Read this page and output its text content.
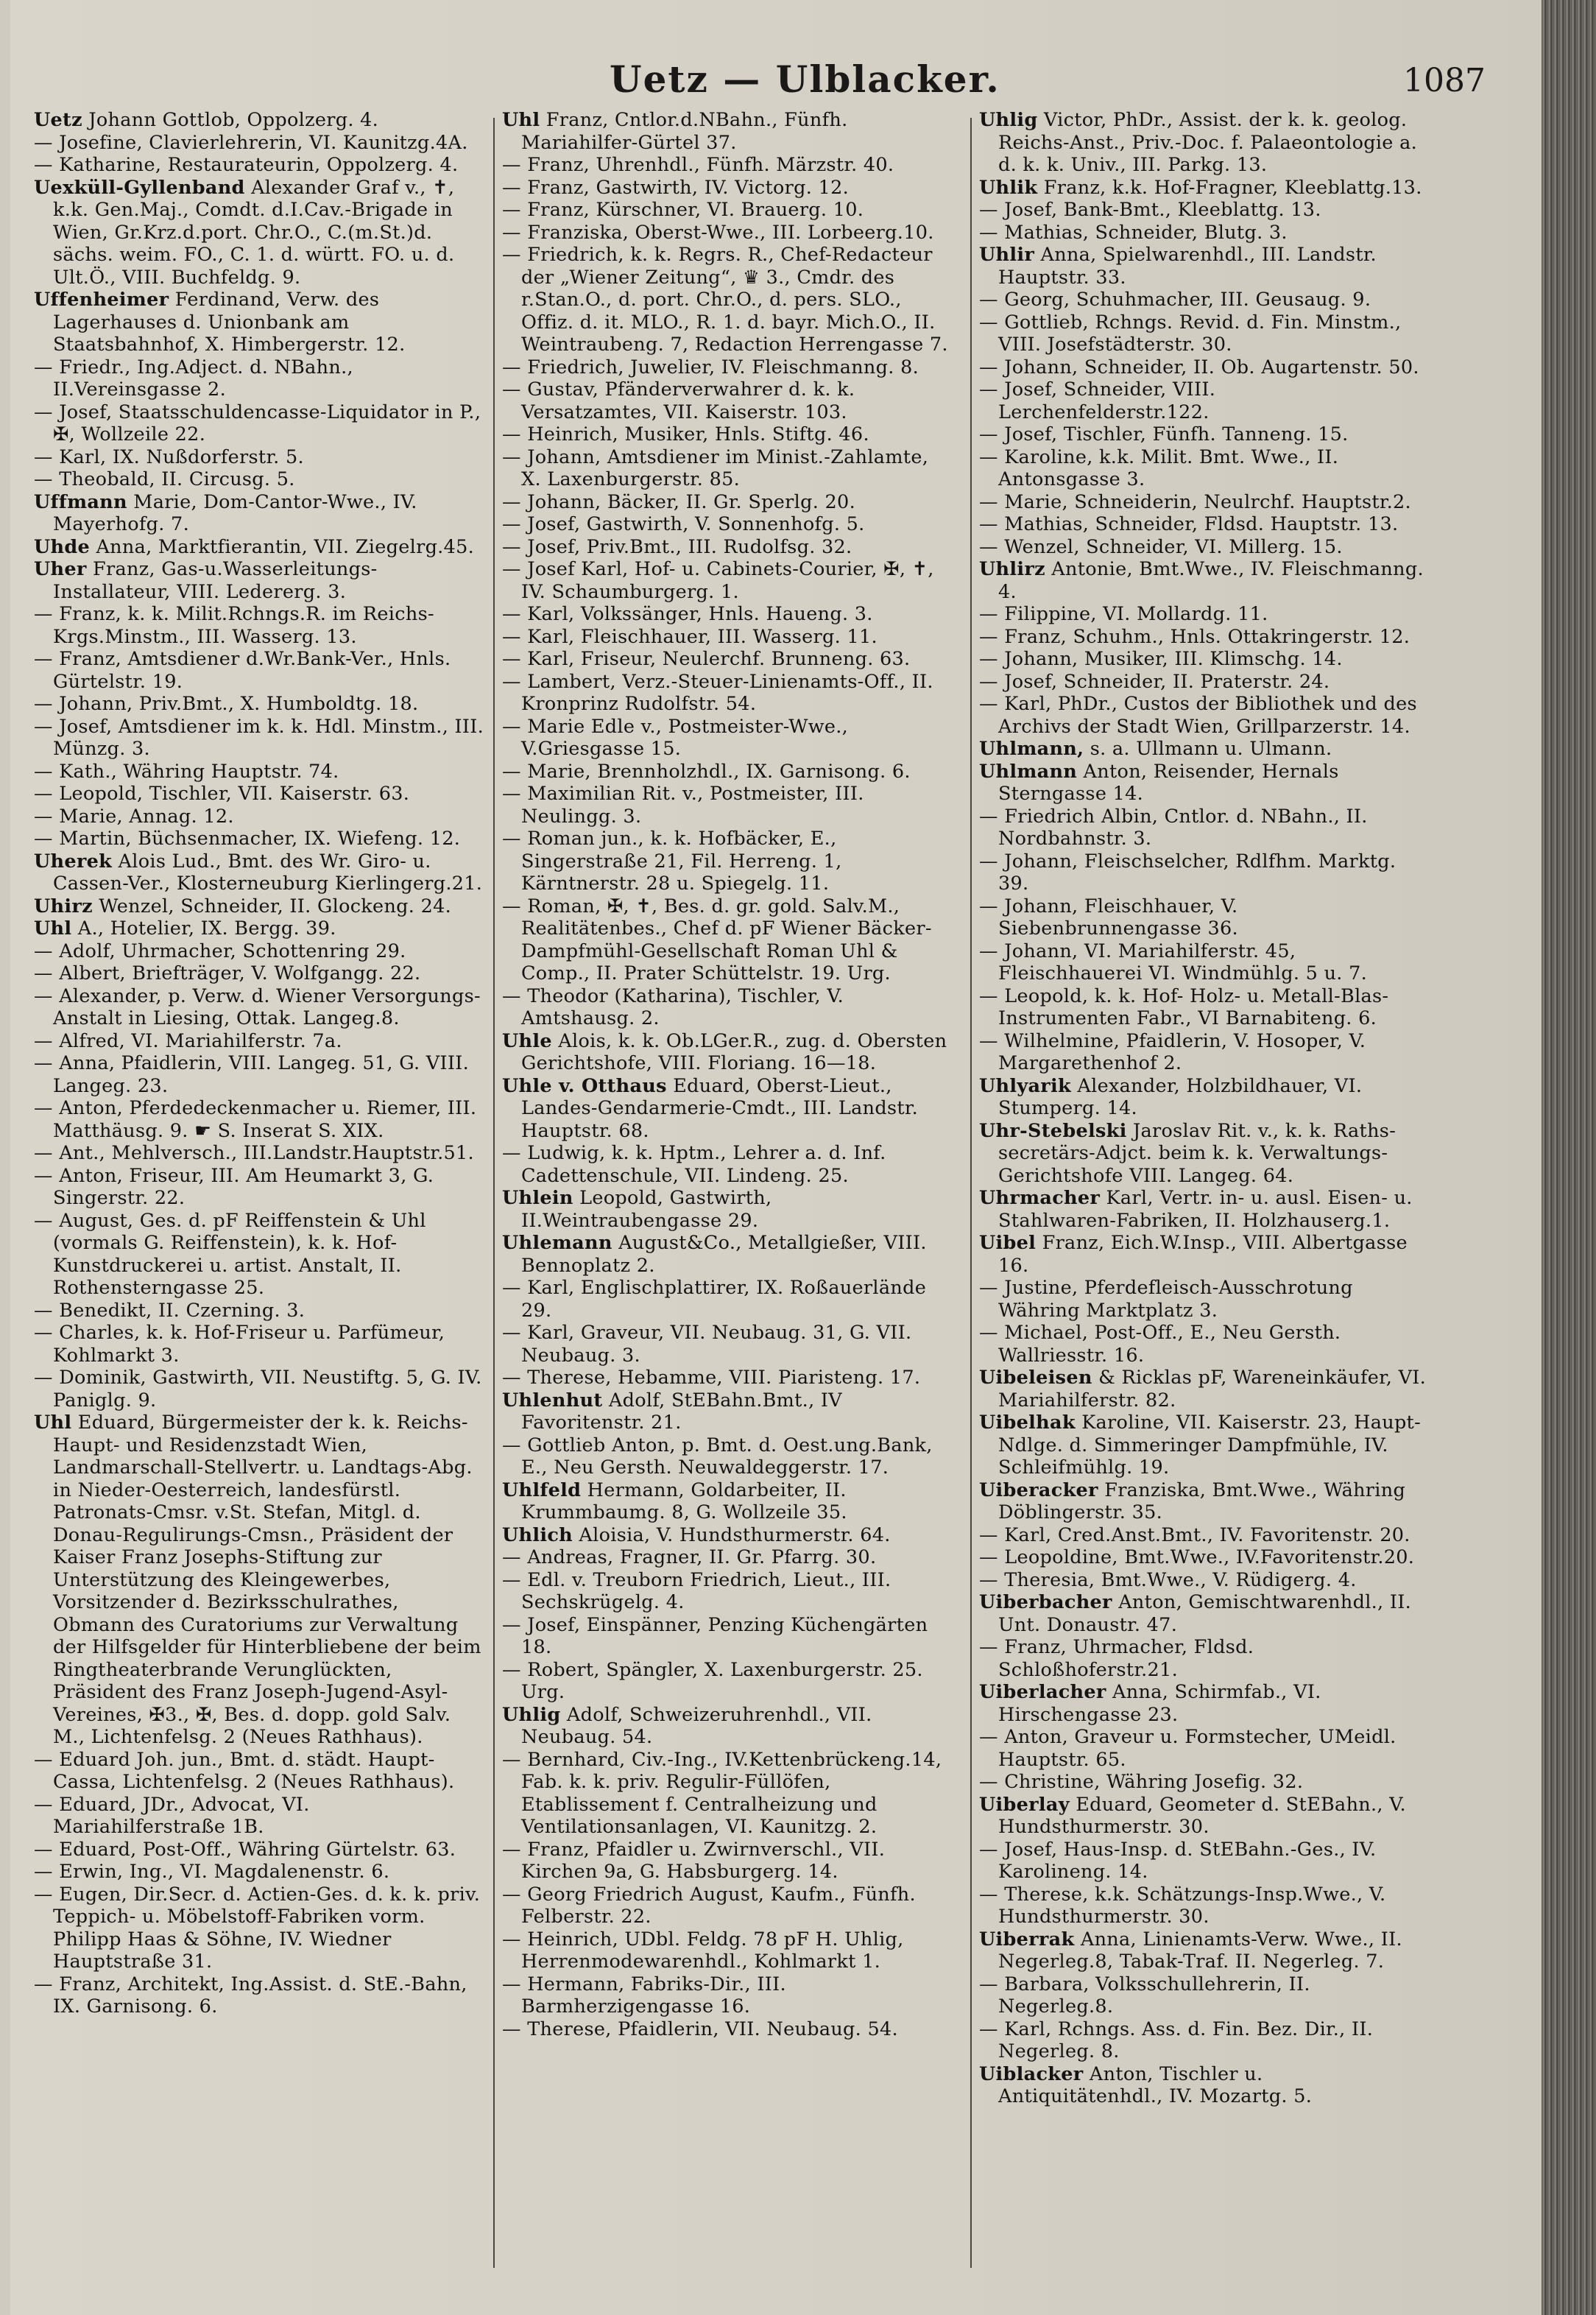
Uetz — Ulblacker.	1087

Uetz Johann Gottlob, Oppolzerg. 4.

— Josefine, Clavierlehrerin, VI. Kaunitzg.4A.

— Katharine, Restaurateurin, Oppolzerg. 4.

Uexküll-Gyllenband Alexander Graf v., ✝, k.k. Gen.Maj., Comdt. d.I.Cav.-Brigade in Wien, Gr.Krz.d.port. Chr.O., C.(m.St.)d. sächs. weim. FO., C. 1. d. württ. FO. u. d. Ult.Ö., VIII. Buchfeldg. 9.

Uffenheimer Ferdinand, Verw. des Lagerhauses d. Unionbank am Staatsbahnhof, X. Himbergerstr. 12.

— Friedr., Ing.Adject. d. NBahn., II.Vereinsgasse 2.

— Josef, Staatsschuldencasse-Liquidator in P., ✠, Wollzeile 22.

— Karl, IX. Nußdorferstr. 5.

— Theobald, II. Circusg. 5.

Uffmann Marie, Dom-Cantor-Wwe., IV. Mayerhofg. 7.

Uhde Anna, Marktfierantin, VII. Ziegelrg.45.

Uher Franz, Gas-u.Wasserleitungs-Installateur, VIII. Ledererg. 3.

— Franz, k. k. Milit.Rchngs.R. im Reichs-Krgs.Minstm., III. Wasserg. 13.

— Franz, Amtsdiener d.Wr.Bank-Ver., Hnls. Gürtelstr. 19.

— Johann, Priv.Bmt., X. Humboldtg. 18.

— Josef, Amtsdiener im k. k. Hdl. Minstm., III. Münzg. 3.

— Kath., Währing Hauptstr. 74.

— Leopold, Tischler, VII. Kaiserstr. 63.

— Marie, Annag. 12.

— Martin, Büchsenmacher, IX. Wiefeng. 12.

Uherek Alois Lud., Bmt. des Wr. Giro- u. Cassen-Ver., Klosterneuburg Kierlingerg.21.

Uhirz Wenzel, Schneider, II. Glockeng. 24.

Uhl A., Hotelier, IX. Bergg. 39.

— Adolf, Uhrmacher, Schottenring 29.

— Albert, Briefträger, V. Wolfgangg. 22.

— Alexander, p. Verw. d. Wiener Versorgungs-Anstalt in Liesing, Ottak. Langeg.8.

— Alfred, VI. Mariahilferstr. 7a.

— Anna, Pfaidlerin, VIII. Langeg. 51, G. VIII. Langeg. 23.

— Anton, Pferdedeckenmacher u. Riemer, III. Matthäusg. 9. ☛ S. Inserat S. XIX.

— Ant., Mehlversch., III.Landstr.Hauptstr.51.

— Anton, Friseur, III. Am Heumarkt 3, G. Singerstr. 22.

— August, Ges. d. pF Reiffenstein & Uhl (vormals G. Reiffenstein), k. k. Hof-Kunstdruckerei u. artist. Anstalt, II. Rothensterngasse 25.

— Benedikt, II. Czerning. 3.

— Charles, k. k. Hof-Friseur u. Parfümeur, Kohlmarkt 3.

— Dominik, Gastwirth, VII. Neustiftg. 5, G. IV. Paniglg. 9.

Uhl Eduard, Bürgermeister der k. k. Reichs-Haupt- und Residenzstadt Wien, Landmarschall-Stellvertr. u. Landtags-Abg. in Nieder-Oesterreich, landesfürstl. Patronats-Cmsr. v.St. Stefan, Mitgl. d. Donau-Regulirungs-Cmsn., Präsident der Kaiser Franz Josephs-Stiftung zur Unterstützung des Kleingewerbes, Vorsitzender d. Bezirksschulrathes, Obmann des Curatoriums zur Verwaltung der Hilfsgelder für Hinterbliebene der beim Ringtheaterbrande Verunglückten, Präsident des Franz Joseph-Jugend-Asyl-Vereines, ✠3., ✠, Bes. d. dopp. gold Salv. M., Lichtenfelsg. 2 (Neues Rathhaus).

— Eduard Joh. jun., Bmt. d. städt. Haupt-Cassa, Lichtenfelsg. 2 (Neues Rathhaus).

— Eduard, JDr., Advocat, VI. Mariahilferstraße 1B.

— Eduard, Post-Off., Währing Gürtelstr. 63.

— Erwin, Ing., VI. Magdalenenstr. 6.

— Eugen, Dir.Secr. d. Actien-Ges. d. k. k. priv. Teppich- u. Möbelstoff-Fabriken vorm. Philipp Haas & Söhne, IV. Wiedner Hauptstraße 31.

— Franz, Architekt, Ing.Assist. d. StE.-Bahn, IX. Garnisong. 6.

Uhl Franz, Cntlor.d.NBahn., Fünfh. Mariahilfer-Gürtel 37.

— Franz, Uhrenhdl., Fünfh. Märzstr. 40.

— Franz, Gastwirth, IV. Victorg. 12.

— Franz, Kürschner, VI. Brauerg. 10.

— Franziska, Oberst-Wwe., III. Lorbeerg.10.

— Friedrich, k. k. Regrs. R., Chef-Redacteur der „Wiener Zeitung“, ♛ 3., Cmdr. des r.Stan.O., d. port. Chr.O., d. pers. SLO., Offiz. d. it. MLO., R. 1. d. bayr. Mich.O., II. Weintraubeng. 7, Redaction Herrengasse 7.

— Friedrich, Juwelier, IV. Fleischmanng. 8.

— Gustav, Pfänderverwahrer d. k. k. Versatzamtes, VII. Kaiserstr. 103.

— Heinrich, Musiker, Hnls. Stiftg. 46.

— Johann, Amtsdiener im Minist.-Zahlamte, X. Laxenburgerstr. 85.

— Johann, Bäcker, II. Gr. Sperlg. 20.

— Josef, Gastwirth, V. Sonnenhofg. 5.

— Josef, Priv.Bmt., III. Rudolfsg. 32.

— Josef Karl, Hof- u. Cabinets-Courier, ✠, ✝, IV. Schaumburgerg. 1.

— Karl, Volkssänger, Hnls. Haueng. 3.

— Karl, Fleischhauer, III. Wasserg. 11.

— Karl, Friseur, Neulerchf. Brunneng. 63.

— Lambert, Verz.-Steuer-Linienamts-Off., II. Kronprinz Rudolfstr. 54.

— Marie Edle v., Postmeister-Wwe., V.Griesgasse 15.

— Marie, Brennholzhdl., IX. Garnisong. 6.

— Maximilian Rit. v., Postmeister, III. Neulingg. 3.

— Roman jun., k. k. Hofbäcker, E., Singerstraße 21, Fil. Herreng. 1, Kärntnerstr. 28 u. Spiegelg. 11.

— Roman, ✠, ✝, Bes. d. gr. gold. Salv.M., Realitätenbes., Chef d. pF Wiener Bäcker-Dampfmühl-Gesellschaft Roman Uhl & Comp., II. Prater Schüttelstr. 19. Urg.

— Theodor (Katharina), Tischler, V. Amtshausg. 2.

Uhle Alois, k. k. Ob.LGer.R., zug. d. Obersten Gerichtshofe, VIII. Floriang. 16—18.

Uhle v. Otthaus Eduard, Oberst-Lieut., Landes-Gendarmerie-Cmdt., III. Landstr. Hauptstr. 68.

— Ludwig, k. k. Hptm., Lehrer a. d. Inf. Cadettenschule, VII. Lindeng. 25.

Uhlein Leopold, Gastwirth, II.Weintraubengasse 29.

Uhlemann August&Co., Metallgießer, VIII. Bennoplatz 2.

— Karl, Englischplattirer, IX. Roßauerlände 29.

— Karl, Graveur, VII. Neubaug. 31, G. VII. Neubaug. 3.

— Therese, Hebamme, VIII. Piaristeng. 17.

Uhlenhut Adolf, StEBahn.Bmt., IV Favoritenstr. 21.

— Gottlieb Anton, p. Bmt. d. Oest.ung.Bank, E., Neu Gersth. Neuwaldeggerstr. 17.

Uhlfeld Hermann, Goldarbeiter, II. Krummbaumg. 8, G. Wollzeile 35.

Uhlich Aloisia, V. Hundsthurmerstr. 64.

— Andreas, Fragner, II. Gr. Pfarrg. 30.

— Edl. v. Treuborn Friedrich, Lieut., III. Sechskrügelg. 4.

— Josef, Einspänner, Penzing Küchengärten 18.

— Robert, Spängler, X. Laxenburgerstr. 25. Urg.

Uhlig Adolf, Schweizeruhrenhdl., VII. Neubaug. 54.

— Bernhard, Civ.-Ing., IV.Kettenbrückeng.14, Fab. k. k. priv. Regulir-Füllöfen, Etablissement f. Centralheizung und Ventilationsanlagen, VI. Kaunitzg. 2.

— Franz, Pfaidler u. Zwirnverschl., VII. Kirchen 9a, G. Habsburgerg. 14.

— Georg Friedrich August, Kaufm., Fünfh. Felberstr. 22.

— Heinrich, UDbl. Feldg. 78 pF H. Uhlig, Herrenmodewarenhdl., Kohlmarkt 1.

— Hermann, Fabriks-Dir., III. Barmherzigengasse 16.

— Therese, Pfaidlerin, VII. Neubaug. 54.

Uhlig Victor, PhDr., Assist. der k. k. geolog. Reichs-Anst., Priv.-Doc. f. Palaeontologie a. d. k. k. Univ., III. Parkg. 13.

Uhlik Franz, k.k. Hof-Fragner, Kleeblattg.13.

— Josef, Bank-Bmt., Kleeblattg. 13.

— Mathias, Schneider, Blutg. 3.

Uhlir Anna, Spielwarenhdl., III. Landstr. Hauptstr. 33.

— Georg, Schuhmacher, III. Geusaug. 9.

— Gottlieb, Rchngs. Revid. d. Fin. Minstm., VIII. Josefstädterstr. 30.

— Johann, Schneider, II. Ob. Augartenstr. 50.

— Josef, Schneider, VIII. Lerchenfelderstr.122.

— Josef, Tischler, Fünfh. Tanneng. 15.

— Karoline, k.k. Milit. Bmt. Wwe., II. Antonsgasse 3.

— Marie, Schneiderin, Neulrchf. Hauptstr.2.

— Mathias, Schneider, Fldsd. Hauptstr. 13.

— Wenzel, Schneider, VI. Millerg. 15.

Uhlirz Antonie, Bmt.Wwe., IV. Fleischmanng. 4.

— Filippine, VI. Mollardg. 11.

— Franz, Schuhm., Hnls. Ottakringerstr. 12.

— Johann, Musiker, III. Klimschg. 14.

— Josef, Schneider, II. Praterstr. 24.

— Karl, PhDr., Custos der Bibliothek und des Archivs der Stadt Wien, Grillparzerstr. 14.

Uhlmann, s. a. Ullmann u. Ulmann.

Uhlmann Anton, Reisender, Hernals Sterngasse 14.

— Friedrich Albin, Cntlor. d. NBahn., II. Nordbahnstr. 3.

— Johann, Fleischselcher, Rdlfhm. Marktg. 39.

— Johann, Fleischhauer, V. Siebenbrunnengasse 36.

— Johann, VI. Mariahilferstr. 45, Fleischhauerei VI. Windmühlg. 5 u. 7.

— Leopold, k. k. Hof- Holz- u. Metall-Blas-Instrumenten Fabr., VI Barnabiteng. 6.

— Wilhelmine, Pfaidlerin, V. Hosoper, V. Margarethenhof 2.

Uhlyarik Alexander, Holzbildhauer, VI. Stumperg. 14.

Uhr-Stebelski Jaroslav Rit. v., k. k. Raths-secretärs-Adjct. beim k. k. Verwaltungs-Gerichtshofe VIII. Langeg. 64.

Uhrmacher Karl, Vertr. in- u. ausl. Eisen- u. Stahlwaren-Fabriken, II. Holzhauserg.1.

Uibel Franz, Eich.W.Insp., VIII. Albertgasse 16.

— Justine, Pferdefleisch-Ausschrotung Währing Marktplatz 3.

— Michael, Post-Off., E., Neu Gersth. Wallriesstr. 16.

Uibeleisen & Ricklas pF, Wareneinkäufer, VI. Mariahilferstr. 82.

Uibelhak Karoline, VII. Kaiserstr. 23, Haupt-Ndlge. d. Simmeringer Dampfmühle, IV. Schleifmühlg. 19.

Uiberacker Franziska, Bmt.Wwe., Währing Döblingerstr. 35.

— Karl, Cred.Anst.Bmt., IV. Favoritenstr. 20.

— Leopoldine, Bmt.Wwe., IV.Favoritenstr.20.

— Theresia, Bmt.Wwe., V. Rüdigerg. 4.

Uiberbacher Anton, Gemischtwarenhdl., II. Unt. Donaustr. 47.

— Franz, Uhrmacher, Fldsd. Schloßhoferstr.21.

Uiberlacher Anna, Schirmfab., VI. Hirschengasse 23.

— Anton, Graveur u. Formstecher, UMeidl. Hauptstr. 65.

— Christine, Währing Josefig. 32.

Uiberlay Eduard, Geometer d. StEBahn., V. Hundsthurmerstr. 30.

— Josef, Haus-Insp. d. StEBahn.-Ges., IV. Karolineng. 14.

— Therese, k.k. Schätzungs-Insp.Wwe., V. Hundsthurmerstr. 30.

Uiberrak Anna, Linienamts-Verw. Wwe., II. Negerleg.8, Tabak-Traf. II. Negerleg. 7.

— Barbara, Volksschullehrerin, II. Negerleg.8.

— Karl, Rchngs. Ass. d. Fin. Bez. Dir., II. Negerleg. 8.

Uiblacker Anton, Tischler u. Antiquitätenhdl., IV. Mozartg. 5.
